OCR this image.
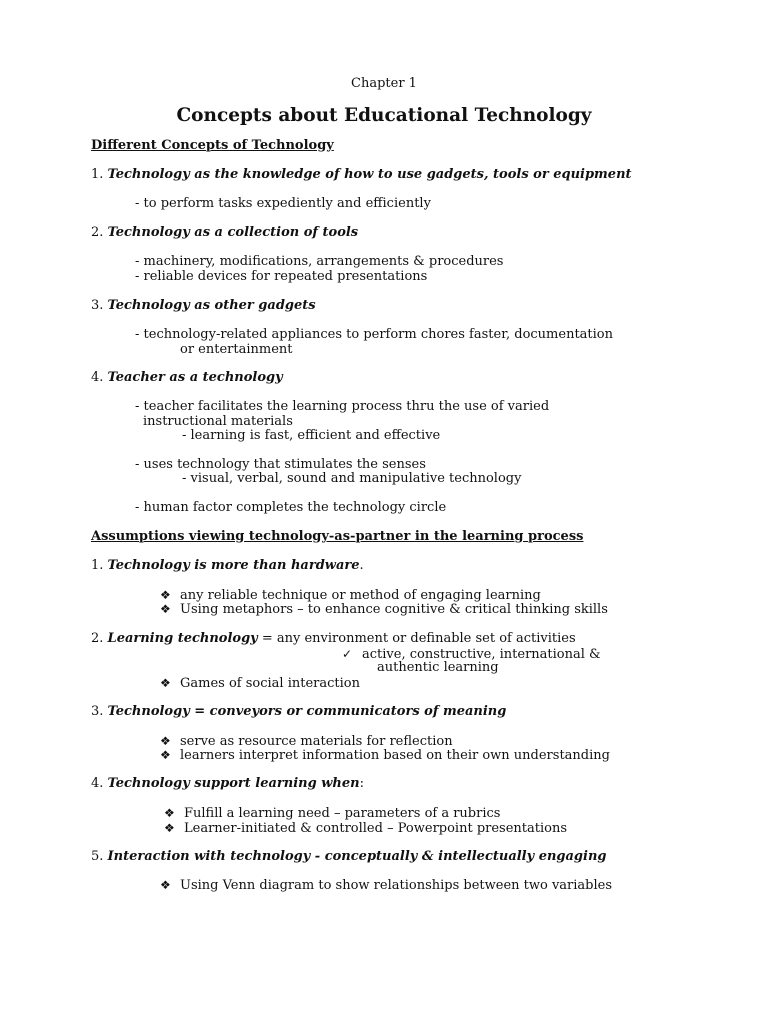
Chapter 1
Concepts about Educational Technology
Different Concepts of Technology
1. Technology as the knowledge of how to use gadgets, tools or equipment
- to perform tasks expediently and efficiently
2. Technology as a collection of tools
- machinery, modifications, arrangements & procedures
- reliable devices for repeated presentations
3. Technology as other gadgets
- technology-related appliances to perform chores faster, documentation
or entertainment
4. Teacher as a technology
- teacher facilitates the learning process thru the use of varied
instructional materials
- learning is fast, efficient and effective
- uses technology that stimulates the senses
- visual, verbal, sound and manipulative technology
- human factor completes the technology circle
Assumptions viewing technology-as-partner in the learning process
1. Technology is more than hardware.
❖ any reliable technique or method of engaging learning
❖ Using metaphors – to enhance cognitive & critical thinking skills
2. Learning technology = any environment or definable set of activities
✓ active, constructive, international &
authentic learning
❖ Games of social interaction
3. Technology = conveyors or communicators of meaning
❖ serve as resource materials for reflection
❖ learners interpret information based on their own understanding
4. Technology support learning when:
❖ Fulfill a learning need – parameters of a rubrics
❖ Learner-initiated & controlled – Powerpoint presentations
5. Interaction with technology - conceptually & intellectually engaging
❖ Using Venn diagram to show relationships between two variables
